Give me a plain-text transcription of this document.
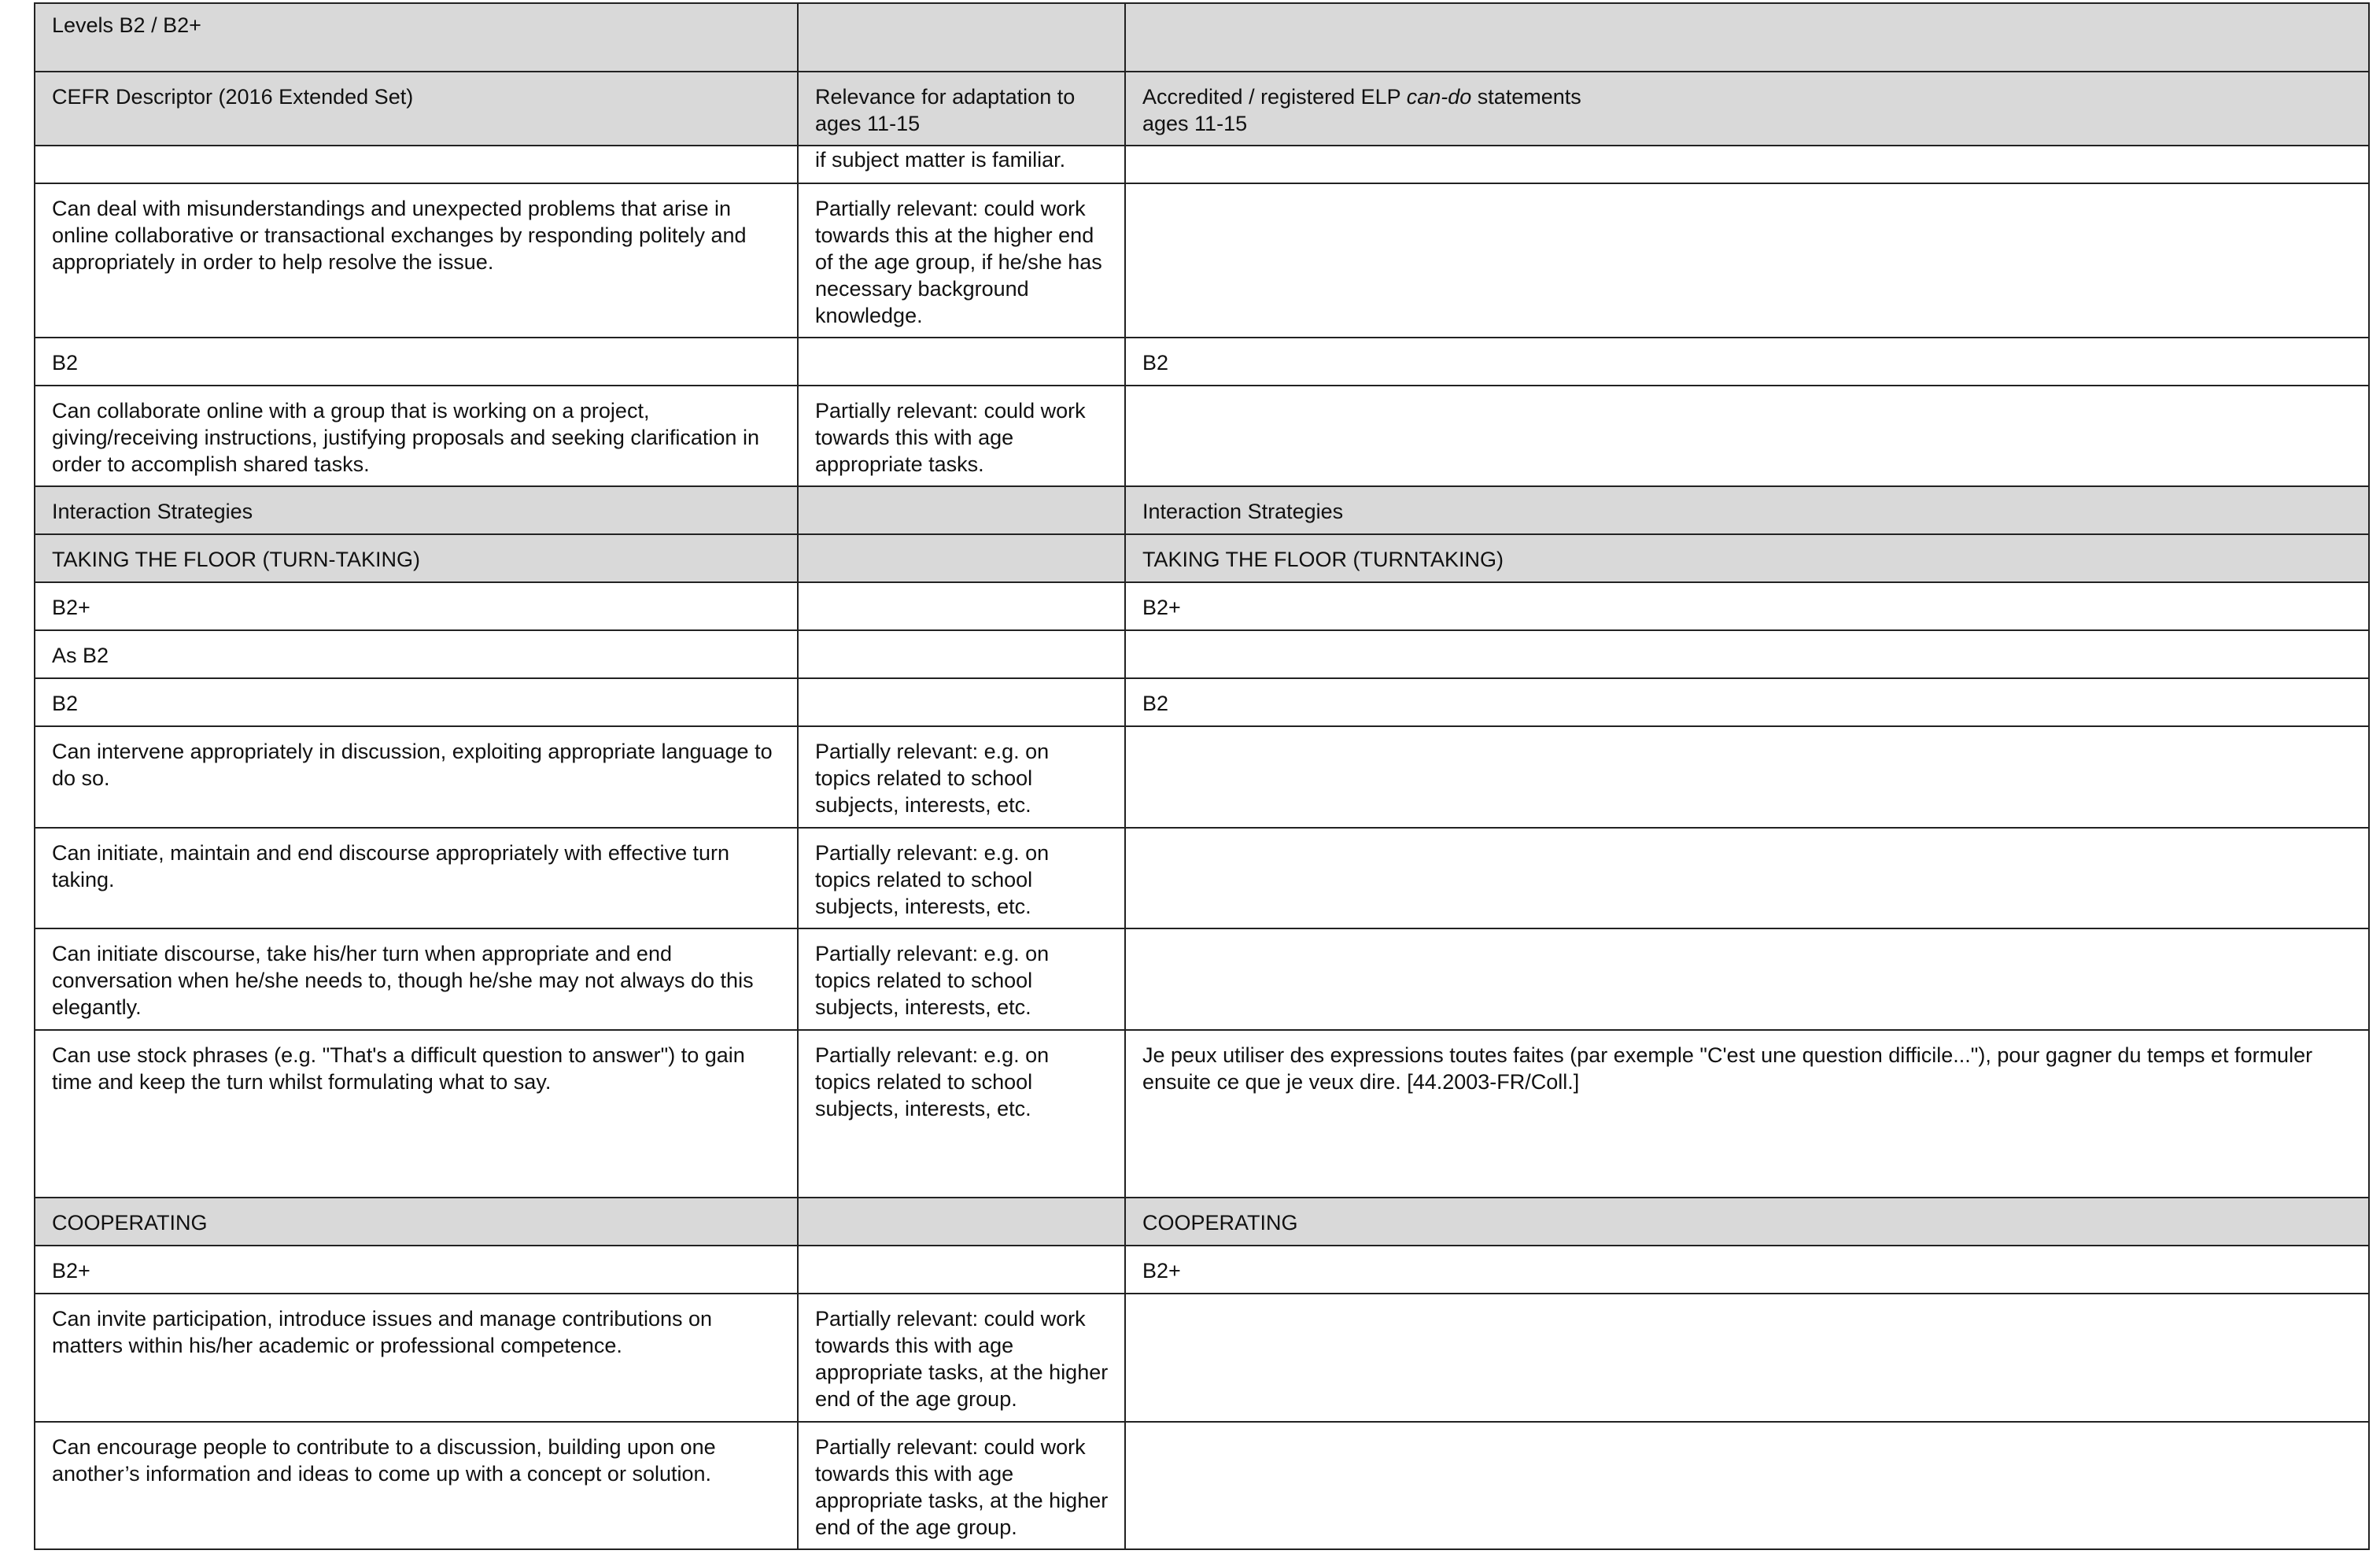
Levels B2 / B2+		
CEFR Descriptor (2016 Extended Set)	Relevance for adaptation to ages 11-15	Accredited / registered ELP can-do statements
ages 11-15
	if subject matter is familiar.	
Can deal with misunderstandings and unexpected problems that arise in online collaborative or transactional exchanges by responding politely and appropriately in order to help resolve the issue.	Partially relevant: could work towards this at the higher end of the age group, if he/she has necessary background knowledge.	
B2		B2
Can collaborate online with a group that is working on a project, giving/receiving instructions, justifying proposals and seeking clarification in order to accomplish shared tasks.	Partially relevant: could work towards this with age appropriate tasks.	
Interaction Strategies		Interaction Strategies
TAKING THE FLOOR (TURN-TAKING)		TAKING THE FLOOR (TURNTAKING)
B2+		B2+
As B2		
B2		B2
Can intervene appropriately in discussion, exploiting appropriate language to do so.	Partially relevant: e.g. on topics related to school subjects, interests, etc.	
Can initiate, maintain and end discourse appropriately with effective turn taking.	Partially relevant: e.g. on topics related to school subjects, interests, etc.	
Can initiate discourse, take his/her turn when appropriate and end conversation when he/she needs to, though he/she may not always do this elegantly.	Partially relevant: e.g. on topics related to school subjects, interests, etc.	
Can use stock phrases (e.g. "That's a difficult question to answer") to gain time and keep the turn whilst formulating what to say.	Partially relevant: e.g. on topics related to school subjects, interests, etc.	Je peux utiliser des expressions toutes faites (par exemple "C'est une question difficile..."), pour gagner du temps et formuler ensuite ce que je veux dire. [44.2003-FR/Coll.]
COOPERATING		COOPERATING
B2+		B2+
Can invite participation, introduce issues and manage contributions on matters within his/her academic or professional competence.	Partially relevant: could work towards this with age appropriate tasks, at the higher end of the age group.	
Can encourage people to contribute to a discussion, building upon one another’s information and ideas to come up with a concept or solution.	Partially relevant: could work towards this with age appropriate tasks, at the higher end of the age group.	
